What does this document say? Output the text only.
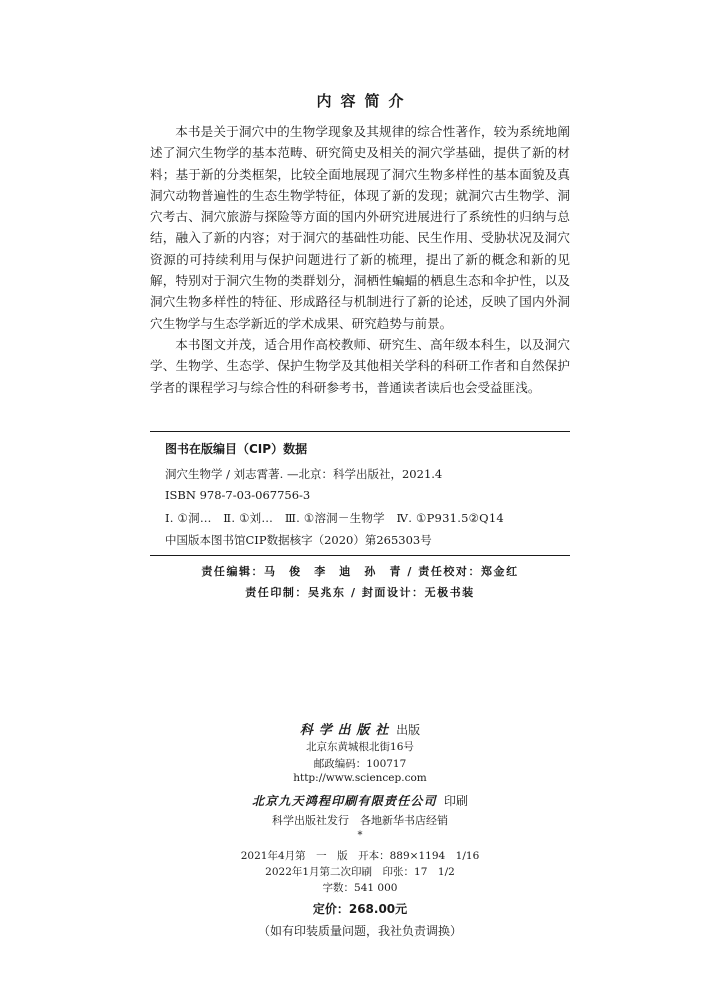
内容简介

本书是关于洞穴中的生物学现象及其规律的综合性著作，较为系统地阐述了洞穴生物学的基本范畴、研究简史及相关的洞穴学基础，提供了新的材料；基于新的分类框架，比较全面地展现了洞穴生物多样性的基本面貌及真洞穴动物普遍性的生态生物学特征，体现了新的发现；就洞穴古生物学、洞穴考古、洞穴旅游与探险等方面的国内外研究进展进行了系统性的归纳与总结，融入了新的内容；对于洞穴的基础性功能、民生作用、受胁状况及洞穴资源的可持续利用与保护问题进行了新的梳理，提出了新的概念和新的见解，特别对于洞穴生物的类群划分，洞栖性蝙蝠的栖息生态和伞护性，以及洞穴生物多样性的特征、形成路径与机制进行了新的论述，反映了国内外洞穴生物学与生态学新近的学术成果、研究趋势与前景。

本书图文并茂，适合用作高校教师、研究生、高年级本科生，以及洞穴学、生物学、生态学、保护生物学及其他相关学科的科研工作者和自然保护学者的课程学习与综合性的科研参考书，普通读者读后也会受益匪浅。

图书在版编目（CIP）数据
洞穴生物学 / 刘志霄著. —北京：科学出版社，2021.4
ISBN 978-7-03-067756-3
Ⅰ. ①洞…　Ⅱ. ①刘…　Ⅲ. ①溶洞－生物学　Ⅳ. ①P931.5②Q14
中国版本图书馆CIP数据核字（2020）第265303号
责任编辑：马　俊　李　迪　孙　青 / 责任校对：郑金红
责任印制：吴兆东 / 封面设计：无极书装
科学出版社 出版
北京东黄城根北街16号
邮政编码：100717
http://www.sciencep.com
北京九天鸿程印刷有限责任公司 印刷
科学出版社发行　各地新华书店经销
*
2021年4月第　一　版　开本：889×1194　1/16
2022年1月第二次印刷　印张：17　1/2
字数：541 000
定价：268.00元
（如有印装质量问题，我社负责调换）
